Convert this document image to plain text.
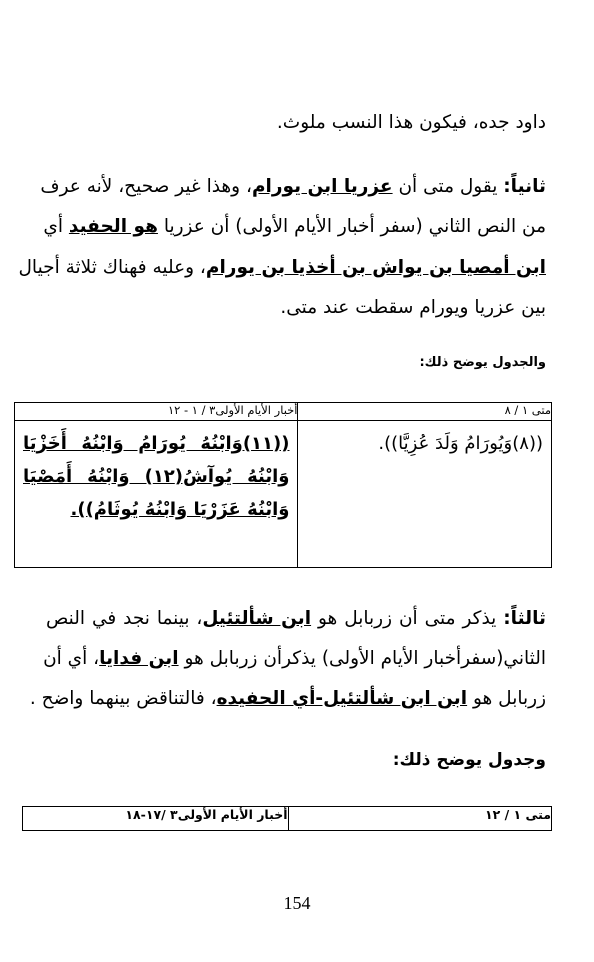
داود جده، فيكون هذا النسب ملوث.
ثانياً: يقول متى أن عزريا ابن يورام، وهذا غير صحيح، لأنه عرف
من النص الثاني (سفر أخبار الأيام الأولى) أن عزريا هو الحفيد أي
ابن أمصيا بن يواش بن أخذيا بن يورام، وعليه فهناك ثلاثة أجيال
بين عزريا ويورام سقطت عند متى.
والجدول يوضح ذلك:
متى ١ / ٨	أخبار الأيام الأولى٣ / ١ - ١٢

((٨)وَيُورَامُ وَلَدَ عُزِيَّا)).	((١١)وَابْنُهُ يُورَامُ وَابْنُهُ أَخَزْيَا
وَابْنُهُ يُوآشُ(١٢) وَابْنُهُ أَمَصْيَا
وَابْنُهُ عَزَرْيَا وَابْنُهُ يُوثَامُ)).
ثالثاً: يذكر متى أن زربابل هو ابن شألتئيل، بينما نجد في النص
الثاني(سفرأخبار الأيام الأولى) يذكرأن زربابل هو ابن فدايا، أي أن
زربابل هو ابن ابن شألتئيل-أي الحفيده، فالتناقض بينهما واضح .
وجدول يوضح ذلك:
متى ١ / ١٢	أخبار الأيام الأولى٣ /١٧-١٨
154
